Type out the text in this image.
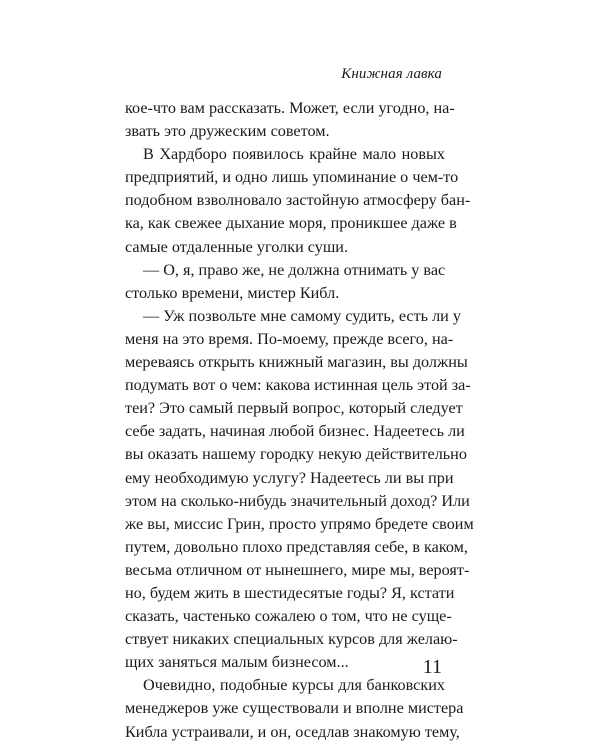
Книжная лавка
кое-что вам рассказать. Может, если угодно, на-
звать это дружеским советом.
В Хардборо появилось крайне мало новых
предприятий, и одно лишь упоминание о чем-то
подобном взволновало застойную атмосферу бан-
ка, как свежее дыхание моря, проникшее даже в
самые отдаленные уголки суши.
— О, я, право же, не должна отнимать у вас
столько времени, мистер Кибл.
— Уж позвольте мне самому судить, есть ли у
меня на это время. По-моему, прежде всего, на-
мереваясь открыть книжный магазин, вы должны
подумать вот о чем: какова истинная цель этой за-
теи? Это самый первый вопрос, который следует
себе задать, начиная любой бизнес. Надеетесь ли
вы оказать нашему городку некую действительно
ему необходимую услугу? Надеетесь ли вы при
этом на сколько-нибудь значительный доход? Или
же вы, миссис Грин, просто упрямо бредете своим
путем, довольно плохо представляя себе, в каком,
весьма отличном от нынешнего, мире мы, вероят-
но, будем жить в шестидесятые годы? Я, кстати
сказать, частенько сожалею о том, что не суще-
ствует никаких специальных курсов для желаю-
щих заняться малым бизнесом...
Очевидно, подобные курсы для банковских
менеджеров уже существовали и вполне мистера
Кибла устраивали, и он, оседлав знакомую тему,
11
